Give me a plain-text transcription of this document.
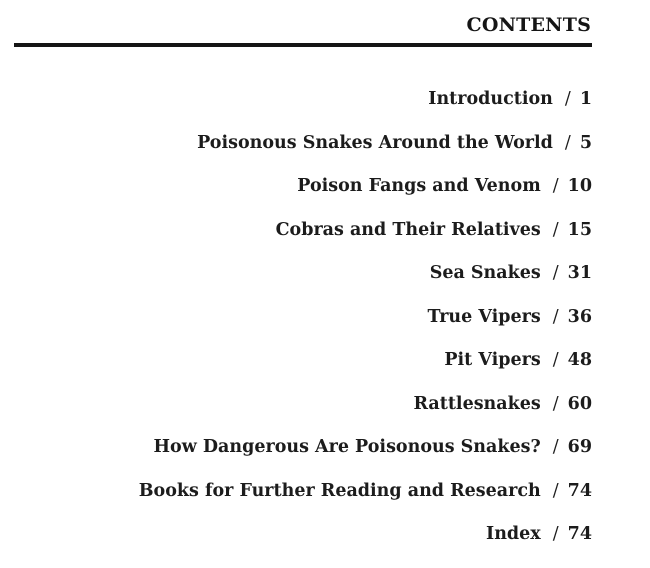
CONTENTS
Introduction / 1
Poisonous Snakes Around the World / 5
Poison Fangs and Venom / 10
Cobras and Their Relatives / 15
Sea Snakes / 31
True Vipers / 36
Pit Vipers / 48
Rattlesnakes / 60
How Dangerous Are Poisonous Snakes? / 69
Books for Further Reading and Research / 74
Index / 74
